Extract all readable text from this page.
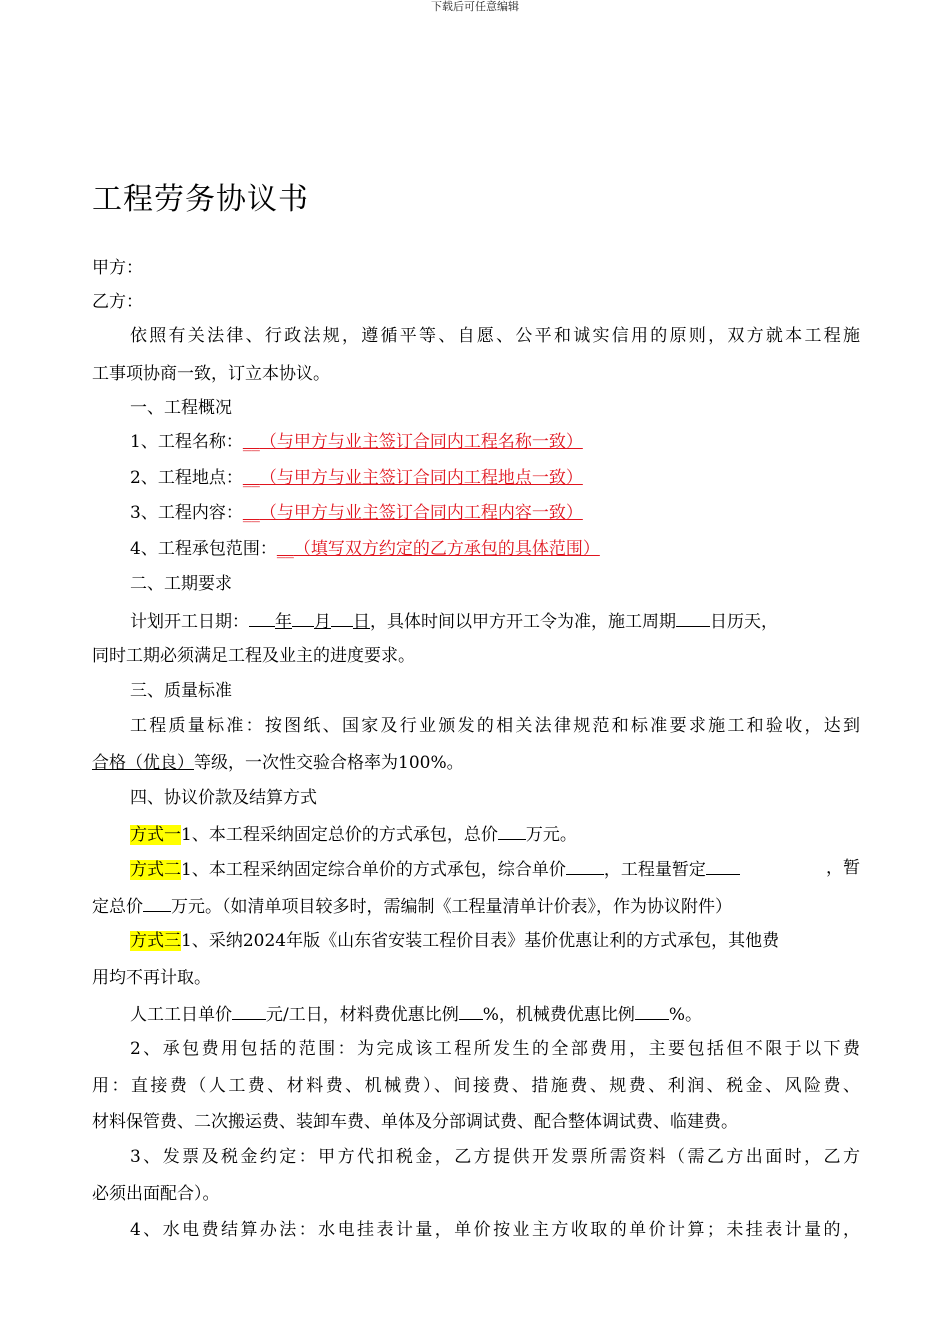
下载后可任意编辑
工程劳务协议书
甲方：
乙方：
依照有关法律、行政法规，遵循平等、自愿、公平和诚实信用的原则，双方就本工程施
工事项协商一致，订立本协议。
一、工程概况
1、工程名称：__（与甲方与业主签订合同内工程名称一致）
2、工程地点：__（与甲方与业主签订合同内工程地点一致）
3、工程内容：__（与甲方与业主签订合同内工程内容一致）
4、工程承包范围：__（填写双方约定的乙方承包的具体范围）
二、工期要求
计划开工日期： 年 月 日，具体时间以甲方开工令为准，施工周期 日历天，
同时工期必须满足工程及业主的进度要求。
三、质量标准
工程质量标准：按图纸、国家及行业颁发的相关法律规范和标准要求施工和验收，达到
合格（优良）等级，一次性交验合格率为100%。
四、协议价款及结算方式
方式一1、本工程采纳固定总价的方式承包，总价 万元。
方式二1、本工程采纳固定综合单价的方式承包，综合单价 ，工程量暂定	，暂
定总价 万元。（如清单项目较多时，需编制《工程量清单计价表》，作为协议附件）
方式三1、采纳2024年版《山东省安装工程价目表》基价优惠让利的方式承包，其他费
用均不再计取。
人工工日单价 元/工日，材料费优惠比例 %，机械费优惠比例 %。
2、承包费用包括的范围：为完成该工程所发生的全部费用，主要包括但不限于以下费
用：直接费（人工费、材料费、机械费）、间接费、措施费、规费、利润、税金、风险费、
材料保管费、二次搬运费、装卸车费、单体及分部调试费、配合整体调试费、临建费。
3、发票及税金约定：甲方代扣税金，乙方提供开发票所需资料（需乙方出面时，乙方
必须出面配合）。
4、水电费结算办法：水电挂表计量，单价按业主方收取的单价计算；未挂表计量的，
